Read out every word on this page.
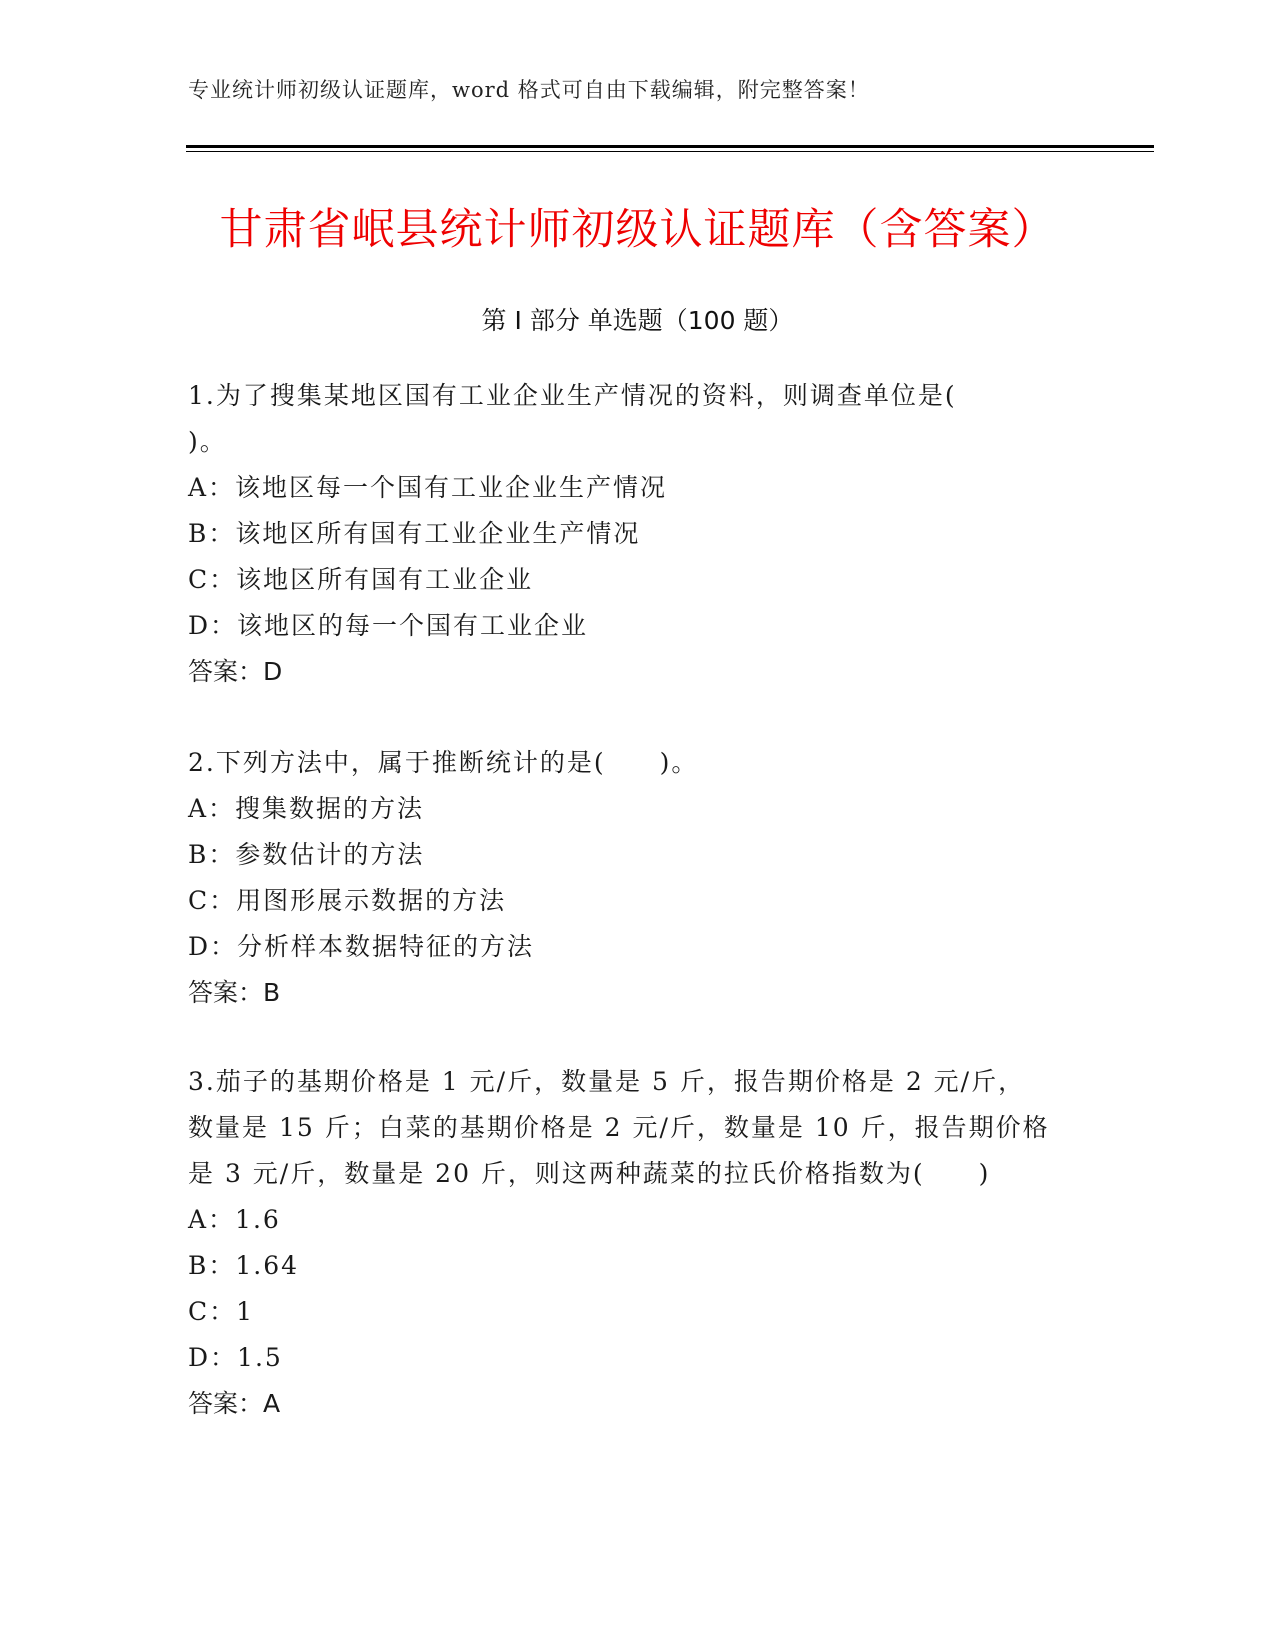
专业统计师初级认证题库，word 格式可自由下载编辑，附完整答案！
甘肃省岷县统计师初级认证题库（含答案）
第 I 部分 单选题（100 题）
1.为了搜集某地区国有工业企业生产情况的资料，则调查单位是(
)。
A：该地区每一个国有工业企业生产情况
B：该地区所有国有工业企业生产情况
C：该地区所有国有工业企业
D：该地区的每一个国有工业企业
答案：D
2.下列方法中，属于推断统计的是(　　)。
A：搜集数据的方法
B：参数估计的方法
C：用图形展示数据的方法
D：分析样本数据特征的方法
答案：B
3.茄子的基期价格是 1 元/斤，数量是 5 斤，报告期价格是 2 元/斤，
数量是 15 斤；白菜的基期价格是 2 元/斤，数量是 10 斤，报告期价格
是 3 元/斤，数量是 20 斤，则这两种蔬菜的拉氏价格指数为(　　)
A：1.6
B：1.64
C：1
D：1.5
答案：A
